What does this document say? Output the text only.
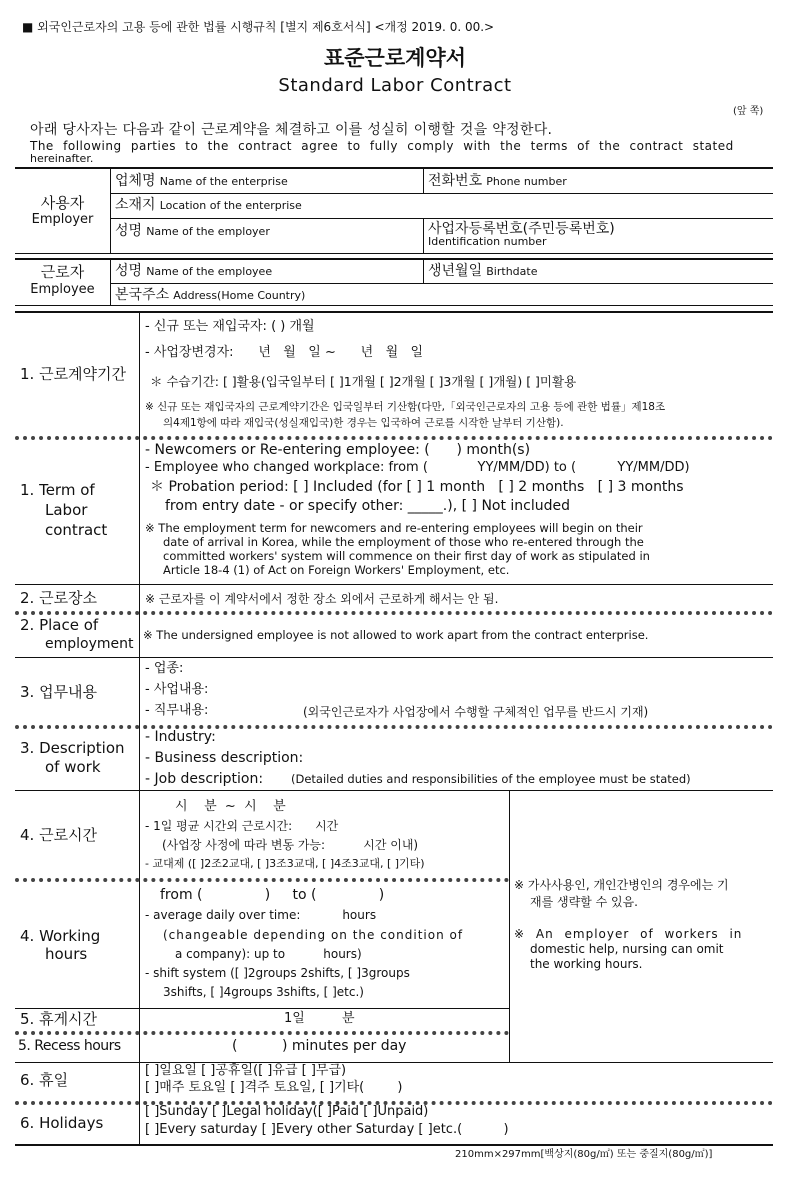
■ 외국인근로자의 고용 등에 관한 법률 시행규칙 [별지 제6호서식] <개정 2019. 0. 00.>
표준근로계약서
Standard Labor Contract
(앞 쪽)
아래 당사자는 다음과 같이 근로계약을 체결하고 이를 성실히 이행할 것을 약정한다.
The following parties to the contract agree to fully comply with the terms of the contract stated
hereinafter.
사용자
Employer
업체명 Name of the enterprise	전화번호 Phone number
소재지 Location of the enterprise
성명 Name of the employer	사업자등록번호(주민등록번호)
Identification number
근로자
Employee
성명 Name of the employee	생년월일 Birthdate
본국주소 Address(Home Country)
1. 근로계약기간
- 신규 또는 재입국자: ( ) 개월
- 사업장변경자:      년   월   일 ~      년   월   일
＊ 수습기간: [ ]활용(입국일부터 [ ]1개월 [ ]2개월 [ ]3개월 [ ]개월) [ ]미활용
※ 신규 또는 재입국자의 근로계약기간은 입국일부터 기산함(다만,「외국인근로자의 고용 등에 관한 법률」제18조
의4제1항에 따라 재입국(성실재입국)한 경우는 입국하여 근로를 시작한 날부터 기산함).
1. Term of
Labor
contract
- Newcomers or Re-entering employee: (      ) month(s)
- Employee who changed workplace: from (            YY/MM/DD) to (          YY/MM/DD)
＊ Probation period: [ ] Included (for [ ] 1 month   [ ] 2 months   [ ] 3 months
from entry date - or specify other: _____.), [ ] Not included
※ The employment term for newcomers and re-entering employees will begin on their
date of arrival in Korea, while the employment of those who re-entered through the
committed workers' system will commence on their first day of work as stipulated in
Article 18-4 (1) of Act on Foreign Workers' Employment, etc.
2. 근로장소	※ 근로자를 이 계약서에서 정한 장소 외에서 근로하게 해서는 안 됨.
2. Place of
employment
※ The undersigned employee is not allowed to work apart from the contract enterprise.
3. 업무내용
- 업종:
- 사업내용:
- 직무내용:	(외국인근로자가 사업장에서 수행할 구체적인 업무를 반드시 기재)
3. Description
of work
- Industry:
- Business description:
- Job description: (Detailed duties and responsibilities of the employee must be stated)
4. 근로시간
시    분  ~  시    분
- 1일 평균 시간외 근로시간:      시간
(사업장 사정에 따라 변동 가능:          시간 이내)
- 교대제 ([ ]2조2교대, [ ]3조3교대, [ ]4조3교대, [ ]기타)
4. Working
hours
from (              )     to (              )
- average daily over time:           hours
(changeable depending on the condition of
a company): up to          hours)
- shift system ([ ]2groups 2shifts, [ ]3groups
3shifts, [ ]4groups 3shifts, [ ]etc.)
※ 가사사용인, 개인간병인의 경우에는 기
재를 생략할 수 있음.
※ An employer of workers in
domestic help, nursing can omit
the working hours.
5. 휴게시간	1일         분
5. Recess hours	(          ) minutes per day
6. 휴일
[ ]일요일 [ ]공휴일([ ]유급 [ ]무급)
[ ]매주 토요일 [ ]격주 토요일, [ ]기타(        )
6. Holidays
[ ]Sunday [ ]Legal holiday([ ]Paid [ ]Unpaid)
[ ]Every saturday [ ]Every other Saturday [ ]etc.(          )
210mm×297mm[백상지(80g/㎡) 또는 중질지(80g/㎡)]
